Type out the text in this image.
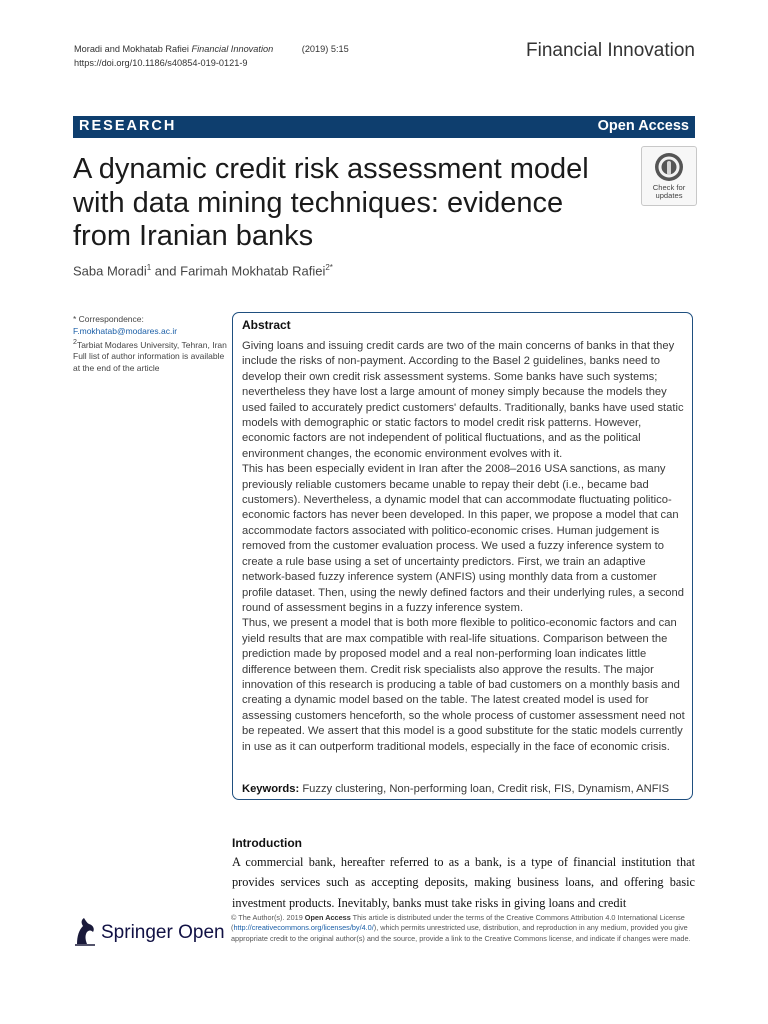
Moradi and Mokhatab Rafiei Financial Innovation	(2019) 5:15
https://doi.org/10.1186/s40854-019-0121-9
Financial Innovation
RESEARCH	Open Access
A dynamic credit risk assessment model with data mining techniques: evidence from Iranian banks
Check for
updates
Saba Moradi$^1$ and Farimah Mokhatab Rafiei$^{2*}$
* Correspondence:
F.mokhatab@modares.ac.ir
$^2$Tarbiat Modares University, Tehran, Iran
Full list of author information is available at the end of the article
Abstract

Giving loans and issuing credit cards are two of the main concerns of banks in that they include the risks of non-payment. According to the Basel 2 guidelines, banks need to develop their own credit risk assessment systems. Some banks have such systems; nevertheless they have lost a large amount of money simply because the models they used failed to accurately predict customers' defaults. Traditionally, banks have used static models with demographic or static factors to model credit risk patterns. However, economic factors are not independent of political fluctuations, and as the political environment changes, the economic environment evolves with it.

This has been especially evident in Iran after the 2008–2016 USA sanctions, as many previously reliable customers became unable to repay their debt (i.e., became bad customers). Nevertheless, a dynamic model that can accommodate fluctuating politico-economic factors has never been developed. In this paper, we propose a model that can accommodate factors associated with politico-economic crises. Human judgement is removed from the customer evaluation process. We used a fuzzy inference system to create a rule base using a set of uncertainty predictors. First, we train an adaptive network-based fuzzy inference system (ANFIS) using monthly data from a customer profile dataset. Then, using the newly defined factors and their underlying rules, a second round of assessment begins in a fuzzy inference system.

Thus, we present a model that is both more flexible to politico-economic factors and can yield results that are max compatible with real-life situations. Comparison between the prediction made by proposed model and a real non-performing loan indicates little difference between them. Credit risk specialists also approve the results. The major innovation of this research is producing a table of bad customers on a monthly basis and creating a dynamic model based on the table. The latest created model is used for assessing customers henceforth, so the whole process of customer assessment need not be repeated. We assert that this model is a good substitute for the static models currently in use as it can outperform traditional models, especially in the face of economic crisis.

Keywords: Fuzzy clustering, Non-performing loan, Credit risk, FIS, Dynamism, ANFIS
Introduction
A commercial bank, hereafter referred to as a bank, is a type of financial institution that provides services such as accepting deposits, making business loans, and offering basic investment products. Inevitably, banks must take risks in giving loans and credit
Springer Open
© The Author(s). 2019 Open Access This article is distributed under the terms of the Creative Commons Attribution 4.0 International License (http://creativecommons.org/licenses/by/4.0/), which permits unrestricted use, distribution, and reproduction in any medium, provided you give appropriate credit to the original author(s) and the source, provide a link to the Creative Commons license, and indicate if changes were made.
